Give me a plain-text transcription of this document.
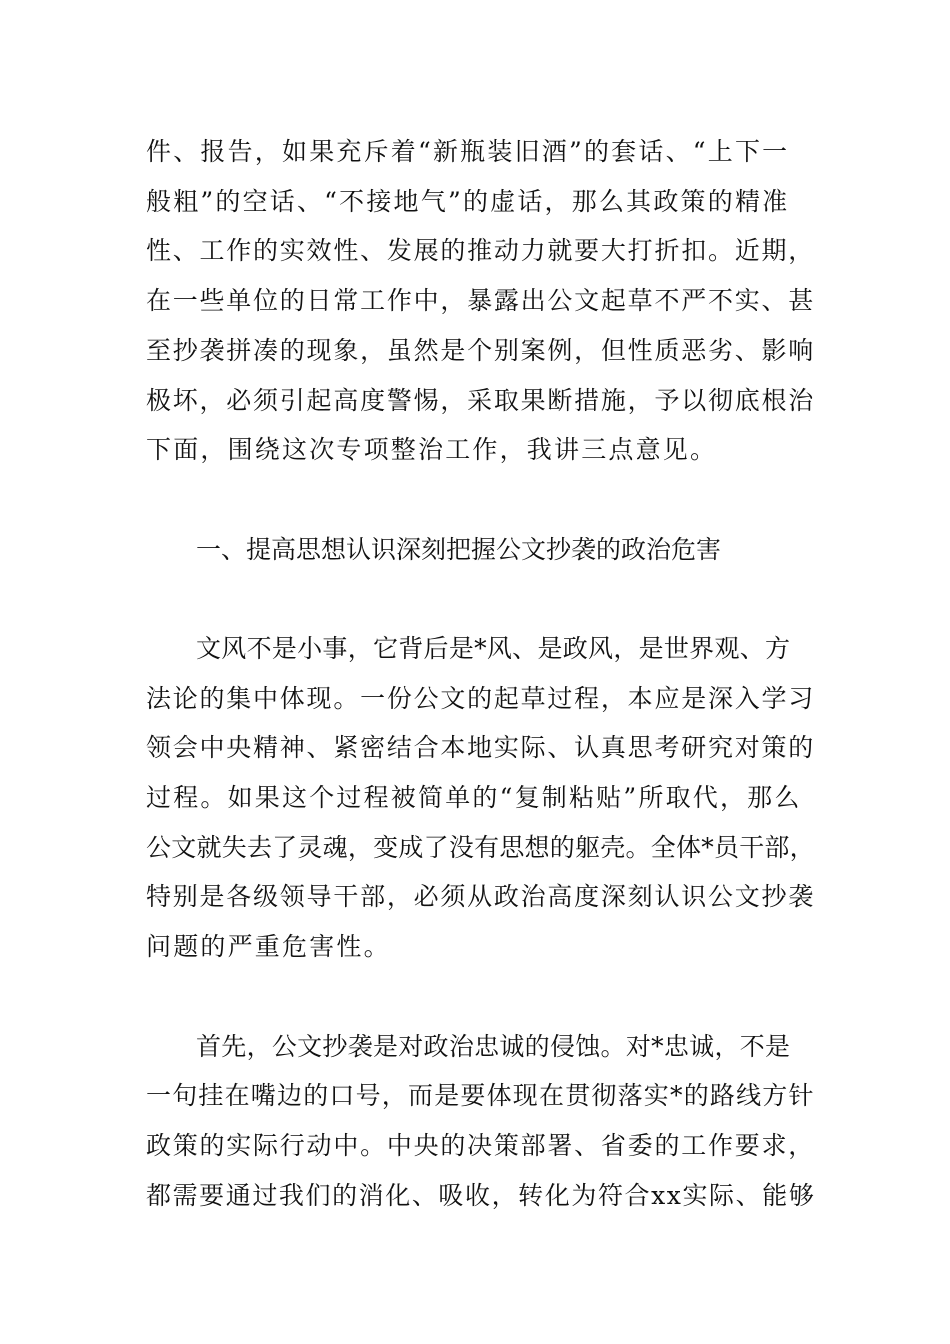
件、报告，如果充斥着“新瓶装旧酒”的套话、“上下一
般粗”的空话、“不接地气”的虚话，那么其政策的精准
性、工作的实效性、发展的推动力就要大打折扣。近期，
在一些单位的日常工作中，暴露出公文起草不严不实、甚
至抄袭拼凑的现象，虽然是个别案例，但性质恶劣、影响
极坏，必须引起高度警惕，采取果断措施，予以彻底根治
下面，围绕这次专项整治工作，我讲三点意见。
一、提高思想认识深刻把握公文抄袭的政治危害
文风不是小事，它背后是*风、是政风，是世界观、方
法论的集中体现。一份公文的起草过程，本应是深入学习
领会中央精神、紧密结合本地实际、认真思考研究对策的
过程。如果这个过程被简单的“复制粘贴”所取代，那么
公文就失去了灵魂，变成了没有思想的躯壳。全体*员干部，
特别是各级领导干部，必须从政治高度深刻认识公文抄袭
问题的严重危害性。
首先，公文抄袭是对政治忠诚的侵蚀。对*忠诚，不是
一句挂在嘴边的口号，而是要体现在贯彻落实*的路线方针
政策的实际行动中。中央的决策部署、省委的工作要求，
都需要通过我们的消化、吸收，转化为符合xx实际、能够
